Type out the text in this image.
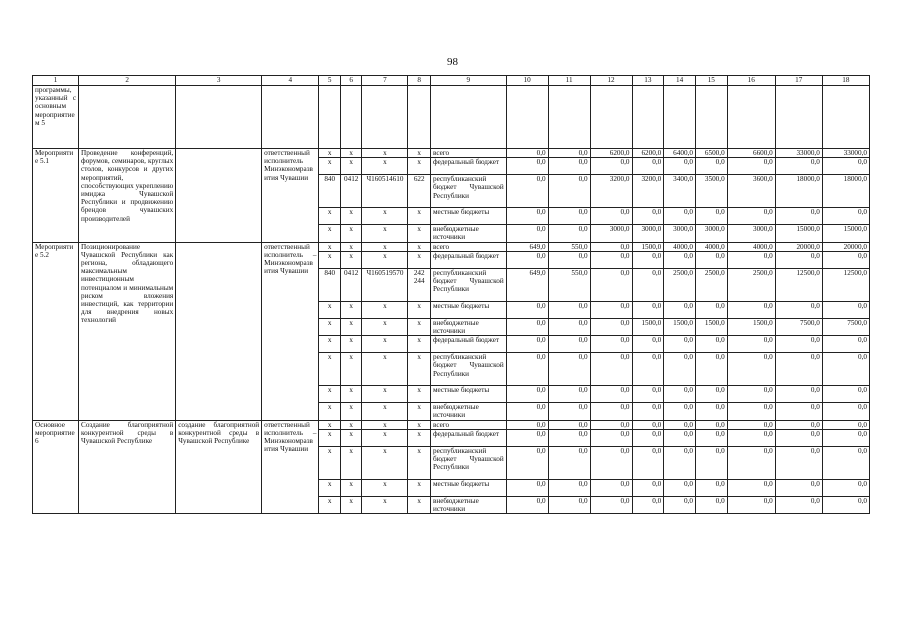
98
1	2	3	4	5	6	7	8	9	10	11	12	13	14	15	16	17	18
программы, указанный с основным мероприятием 5																	
Мероприятие 5.1	Проведение конференций, форумов, семинаров, круглых столов, конкурсов и других мероприятий, способствующих укреплению имиджа Чувашской Республики и продвижению брендов чувашских производителей		ответственный исполнитель Минэкономразвития Чувашии	x	x	x	x	всего	0,0	0,0	6200,0	6200,0	6400,0	6500,0	6600,0	33000,0	33000,0
				x	x	x	x	федеральный бюджет	0,0	0,0	0,0	0,0	0,0	0,0	0,0	0,0	0,0
				840	0412	Ч160514610	622	республиканский бюджет Чувашской Республики	0,0	0,0	3200,0	3200,0	3400,0	3500,0	3600,0	18000,0	18000,0
				x	x	x	x	местные бюджеты	0,0	0,0	0,0	0,0	0,0	0,0	0,0	0,0	0,0
				x	x	x	x	внебюджетные источники	0,0	0,0	3000,0	3000,0	3000,0	3000,0	3000,0	15000,0	15000,0
Мероприятие 5.2	Позиционирование Чувашской Республики как региона, обладающего максимальным инвестиционным потенциалом и минимальным риском вложения инвестиций, как территории для внедрения новых технологий		ответственный исполнитель – Минэкономразвития Чувашии	x	x	x	x	всего	649,0	550,0	0,0	1500,0	4000,0	4000,0	4000,0	20000,0	20000,0
				x	x	x	x	федеральный бюджет	0,0	0,0	0,0	0,0	0,0	0,0	0,0	0,0	0,0
				840	0412	Ч160519570	242 244	республиканский бюджет Чувашской Республики	649,0	550,0	0,0	0,0	2500,0	2500,0	2500,0	12500,0	12500,0
				x	x	x	x	местные бюджеты	0,0	0,0	0,0	0,0	0,0	0,0	0,0	0,0	0,0
				x	x	x	x	внебюджетные источники	0,0	0,0	0,0	1500,0	1500,0	1500,0	1500,0	7500,0	7500,0
				x	x	x	x	федеральный бюджет	0,0	0,0	0,0	0,0	0,0	0,0	0,0	0,0	0,0
				x	x	x	x	республиканский бюджет Чувашской Республики	0,0	0,0	0,0	0,0	0,0	0,0	0,0	0,0	0,0
				x	x	x	x	местные бюджеты	0,0	0,0	0,0	0,0	0,0	0,0	0,0	0,0	0,0
				x	x	x	x	внебюджетные источники	0,0	0,0	0,0	0,0	0,0	0,0	0,0	0,0	0,0
Основное мероприятие 6	Создание благоприятной конкурентной среды в Чувашской Республике	создание благоприятной конкурентной среды в Чувашской Республике	ответственный исполнитель – Минэкономразвития Чувашии	x	x	x	x	всего	0,0	0,0	0,0	0,0	0,0	0,0	0,0	0,0	0,0
				x	x	x	x	федеральный бюджет	0,0	0,0	0,0	0,0	0,0	0,0	0,0	0,0	0,0
				x	x	x	x	республиканский бюджет Чувашской Республики	0,0	0,0	0,0	0,0	0,0	0,0	0,0	0,0	0,0
				x	x	x	x	местные бюджеты	0,0	0,0	0,0	0,0	0,0	0,0	0,0	0,0	0,0
				x	x	x	x	внебюджетные источники	0,0	0,0	0,0	0,0	0,0	0,0	0,0	0,0	0,0
